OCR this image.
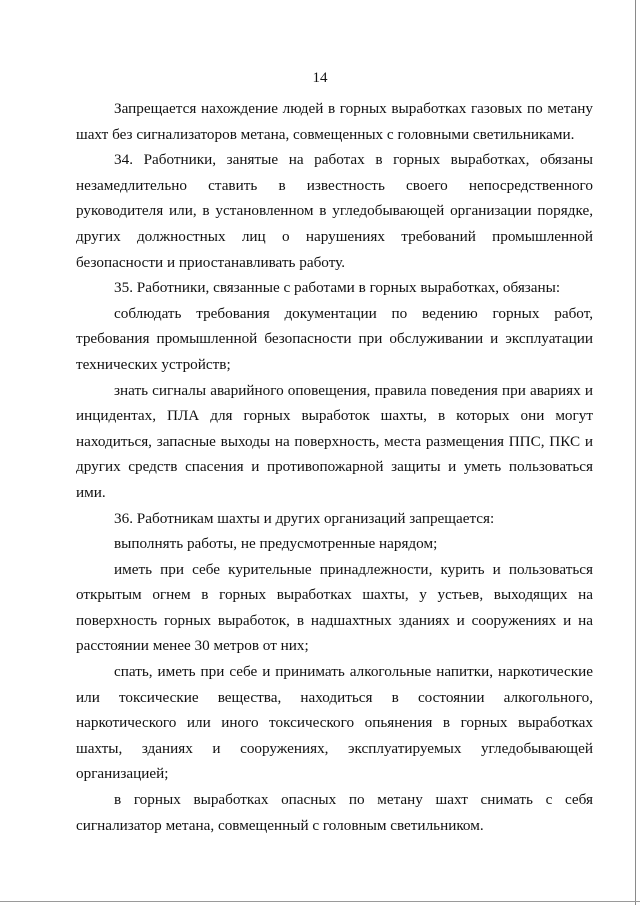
14

Запрещается нахождение людей в горных выработках газовых по метану шахт без сигнализаторов метана, совмещенных с головными светильниками.

34. Работники, занятые на работах в горных выработках, обязаны незамедлительно ставить в известность своего непосредственного руководителя или, в установленном в угледобывающей организации порядке, других должностных лиц о нарушениях требований промышленной безопасности и приостанавливать работу.

35. Работники, связанные с работами в горных выработках, обязаны:

соблюдать требования документации по ведению горных работ, требования промышленной безопасности при обслуживании и эксплуатации технических устройств;

знать сигналы аварийного оповещения, правила поведения при авариях и инцидентах, ПЛА для горных выработок шахты, в которых они могут находиться, запасные выходы на поверхность, места размещения ППС, ПКС и других средств спасения и противопожарной защиты и уметь пользоваться ими.

36. Работникам шахты и других организаций запрещается:

выполнять работы, не предусмотренные нарядом;

иметь при себе курительные принадлежности, курить и пользоваться открытым огнем в горных выработках шахты, у устьев, выходящих на поверхность горных выработок, в надшахтных зданиях и сооружениях и на расстоянии менее 30 метров от них;

спать, иметь при себе и принимать алкогольные напитки, наркотические или токсические вещества, находиться в состоянии алкогольного, наркотического или иного токсического опьянения в горных выработках шахты, зданиях и сооружениях, эксплуатируемых угледобывающей организацией;

в горных выработках опасных по метану шахт снимать с себя сигнализатор метана, совмещенный с головным светильником.
